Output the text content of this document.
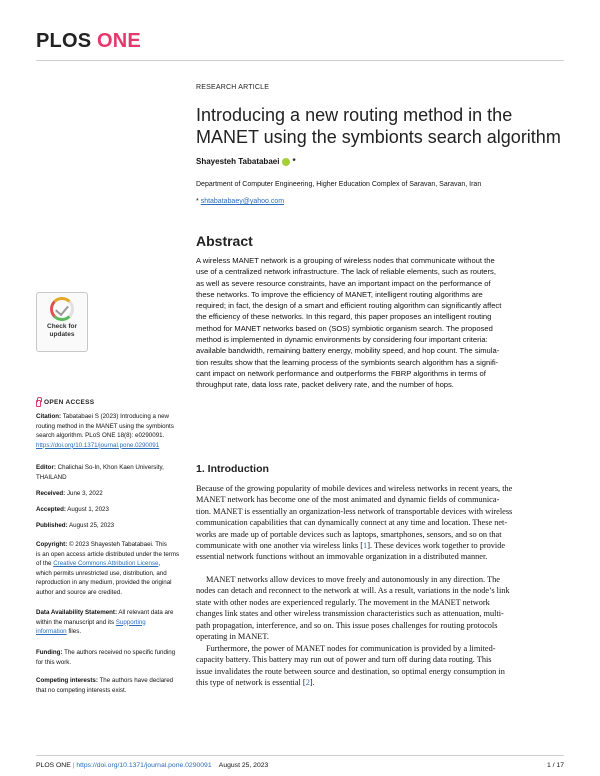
PLOS ONE
RESEARCH ARTICLE
Introducing a new routing method in the
MANET using the symbionts search algorithm
Shayesteh Tabatabaei *
Department of Computer Engineering, Higher Education Complex of Saravan, Saravan, Iran
* shtabatabaey@yahoo.com
Abstract
A wireless MANET network is a grouping of wireless nodes that communicate without the
use of a centralized network infrastructure. The lack of reliable elements, such as routers,
as well as severe resource constraints, have an important impact on the performance of
these networks. To improve the efficiency of MANET, intelligent routing algorithms are
required; in fact, the design of a smart and efficient routing algorithm can significantly affect
the efficiency of these networks. In this regard, this paper proposes an intelligent routing
method for MANET networks based on (SOS) symbiotic organism search. The proposed
method is implemented in dynamic environments by considering four important criteria:
available bandwidth, remaining battery energy, mobility speed, and hop count. The simula-
tion results show that the learning process of the symbionts search algorithm has a signifi-
cant impact on network performance and outperforms the FBRP algorithms in terms of
throughput rate, data loss rate, packet delivery rate, and the number of hops.
Check for
updates
OPEN ACCESS
Citation: Tabatabaei S (2023) Introducing a new
routing method in the MANET using the symbionts
search algorithm. PLoS ONE 18(8): e0290091.
https://doi.org/10.1371/journal.pone.0290091
Editor: Chalichai So-In, Khon Kaen University,
THAILAND
Received: June 3, 2022
Accepted: August 1, 2023
Published: August 25, 2023
Copyright: © 2023 Shayesteh Tabatabaei. This
is an open access article distributed under the terms
of the Creative Commons Attribution License,
which permits unrestricted use, distribution, and
reproduction in any medium, provided the original
author and source are credited.
Data Availability Statement: All relevant data are
within the manuscript and its Supporting
information files.
Funding: The authors received no specific funding
for this work.
Competing interests: The authors have declared
that no competing interests exist.
1. Introduction
Because of the growing popularity of mobile devices and wireless networks in recent years, the
MANET network has become one of the most animated and dynamic fields of communica-
tion. MANET is essentially an organization-less network of transportable devices with wireless
communication capabilities that can dynamically connect at any time and location. These net-
works are made up of portable devices such as laptops, smartphones, sensors, and so on that
communicate with one another via wireless links [1]. These devices work together to provide
essential network functions without an immovable organization in a distributed manner.
MANET networks allow devices to move freely and autonomously in any direction. The
nodes can detach and reconnect to the network at will. As a result, variations in the node’s link
state with other nodes are experienced regularly. The movement in the MANET network
changes link states and other wireless transmission characteristics such as attenuation, multi-
path propagation, interference, and so on. This issue poses challenges for routing protocols
operating in MANET.
Furthermore, the power of MANET nodes for communication is provided by a limited-
capacity battery. This battery may run out of power and turn off during data routing. This
issue invalidates the route between source and destination, so optimal energy consumption in
this type of network is essential [2].
PLOS ONE | https://doi.org/10.1371/journal.pone.0290091 August 25, 2023	1 / 17
